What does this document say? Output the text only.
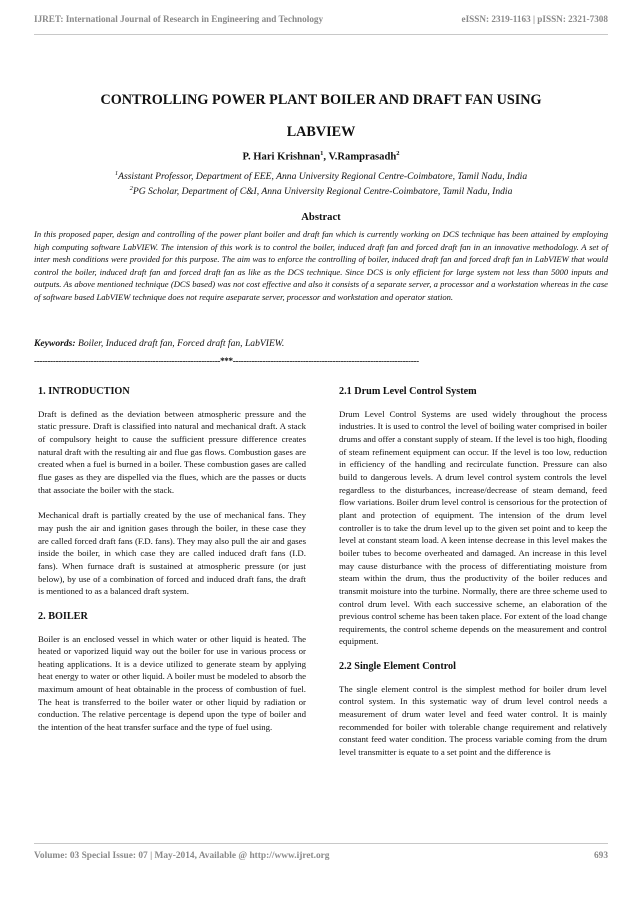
IJRET: International Journal of Research in Engineering and Technology	eISSN: 2319-1163 | pISSN: 2321-7308
CONTROLLING POWER PLANT BOILER AND DRAFT FAN USING
LABVIEW
P. Hari Krishnan$^1$, V.Ramprasadh$^2$
$^1$Assistant Professor, Department of EEE, Anna University Regional Centre-Coimbatore, Tamil Nadu, India
$^2$PG Scholar, Department of C&I, Anna University Regional Centre-Coimbatore, Tamil Nadu, India
Abstract
In this proposed paper, design and controlling of the power plant boiler and draft fan which is currently working on DCS technique has been attained by employing high computing software LabVIEW. The intension of this work is to control the boiler, induced draft fan and forced draft fan in an innovative methodology. A set of inter mesh conditions were provided for this purpose. The aim was to enforce the controlling of boiler, induced draft fan and forced draft fan in LabVIEW that would control the boiler, induced draft fan and forced draft fan as like as the DCS technique. Since DCS is only efficient for large system not less than 5000 inputs and outputs. As above mentioned technique (DCS based) was not cost effective and also it consists of a separate server, a processor and a workstation whereas in the case of software based LabVIEW technique does not require aseparate server, processor and workstation and operator station.
Keywords: Boiler, Induced draft fan, Forced draft fan, LabVIEW.
---------------------------------------------------------------------***---------------------------------------------------------------------
1. INTRODUCTION

Draft is defined as the deviation between atmospheric pressure and the static pressure. Draft is classified into natural and mechanical draft. A stack of compulsory height to cause the sufficient pressure difference creates natural draft with the resulting air and flue gas flows. Combustion gases are created when a fuel is burned in a boiler. These combustion gases are called flue gases as they are dispelled via the flues, which are the passes or ducts that associate the boiler with the stack.

Mechanical draft is partially created by the use of mechanical fans. They may push the air and ignition gases through the boiler, in these case they are called forced draft fans (F.D. fans). They may also pull the air and gases inside the boiler, in which case they are called induced draft fans (I.D. fans). When furnace draft is sustained at atmospheric pressure (or just below), by use of a combination of forced and induced draft fans, the draft is mentioned to as a balanced draft system.

2. BOILER

Boiler is an enclosed vessel in which water or other liquid is heated. The heated or vaporized liquid way out the boiler for use in various process or heating applications. It is a device utilized to generate steam by applying heat energy to water or other liquid. A boiler must be modeled to absorb the maximum amount of heat obtainable in the process of combustion of fuel. The heat is transferred to the boiler water or other liquid by radiation or conduction. The relative percentage is depend upon the type of boiler and the intention of the heat transfer surface and the type of fuel using.

2.1 Drum Level Control System

Drum Level Control Systems are used widely throughout the process industries. It is used to control the level of boiling water comprised in boiler drums and offer a constant supply of steam. If the level is too high, flooding of steam refinement equipment can occur. If the level is too low, reduction in efficiency of the handling and recirculate function. Pressure can also build to dangerous levels. A drum level control system controls the level regardless to the disturbances, increase/decrease of steam demand, feed flow variations. Boiler drum level control is censorious for the protection of plant and protection of equipment. The intension of the drum level controller is to take the drum level up to the given set point and to keep the level at constant steam load. A keen intense decrease in this level makes the boiler tubes to become overheated and damaged. An increase in this level may cause disturbance with the process of differentiating moisture from steam within the drum, thus the productivity of the boiler reduces and transmit moisture into the turbine. Normally, there are three scheme used to control drum level. With each successive scheme, an elaboration of the previous control scheme has been taken place. For extent of the load change requirements, the control scheme depends on the measurement and control equipment.

2.2 Single Element Control

The single element control is the simplest method for boiler drum level control system. In this systematic way of drum level control needs a measurement of drum water level and feed water control. It is mainly recommended for boiler with tolerable change requirement and relatively constant feed water condition. The process variable coming from the drum level transmitter is equate to a set point and the difference is

Volume: 03 Special Issue: 07 | May-2014, Available @ http://www.ijret.org	693
